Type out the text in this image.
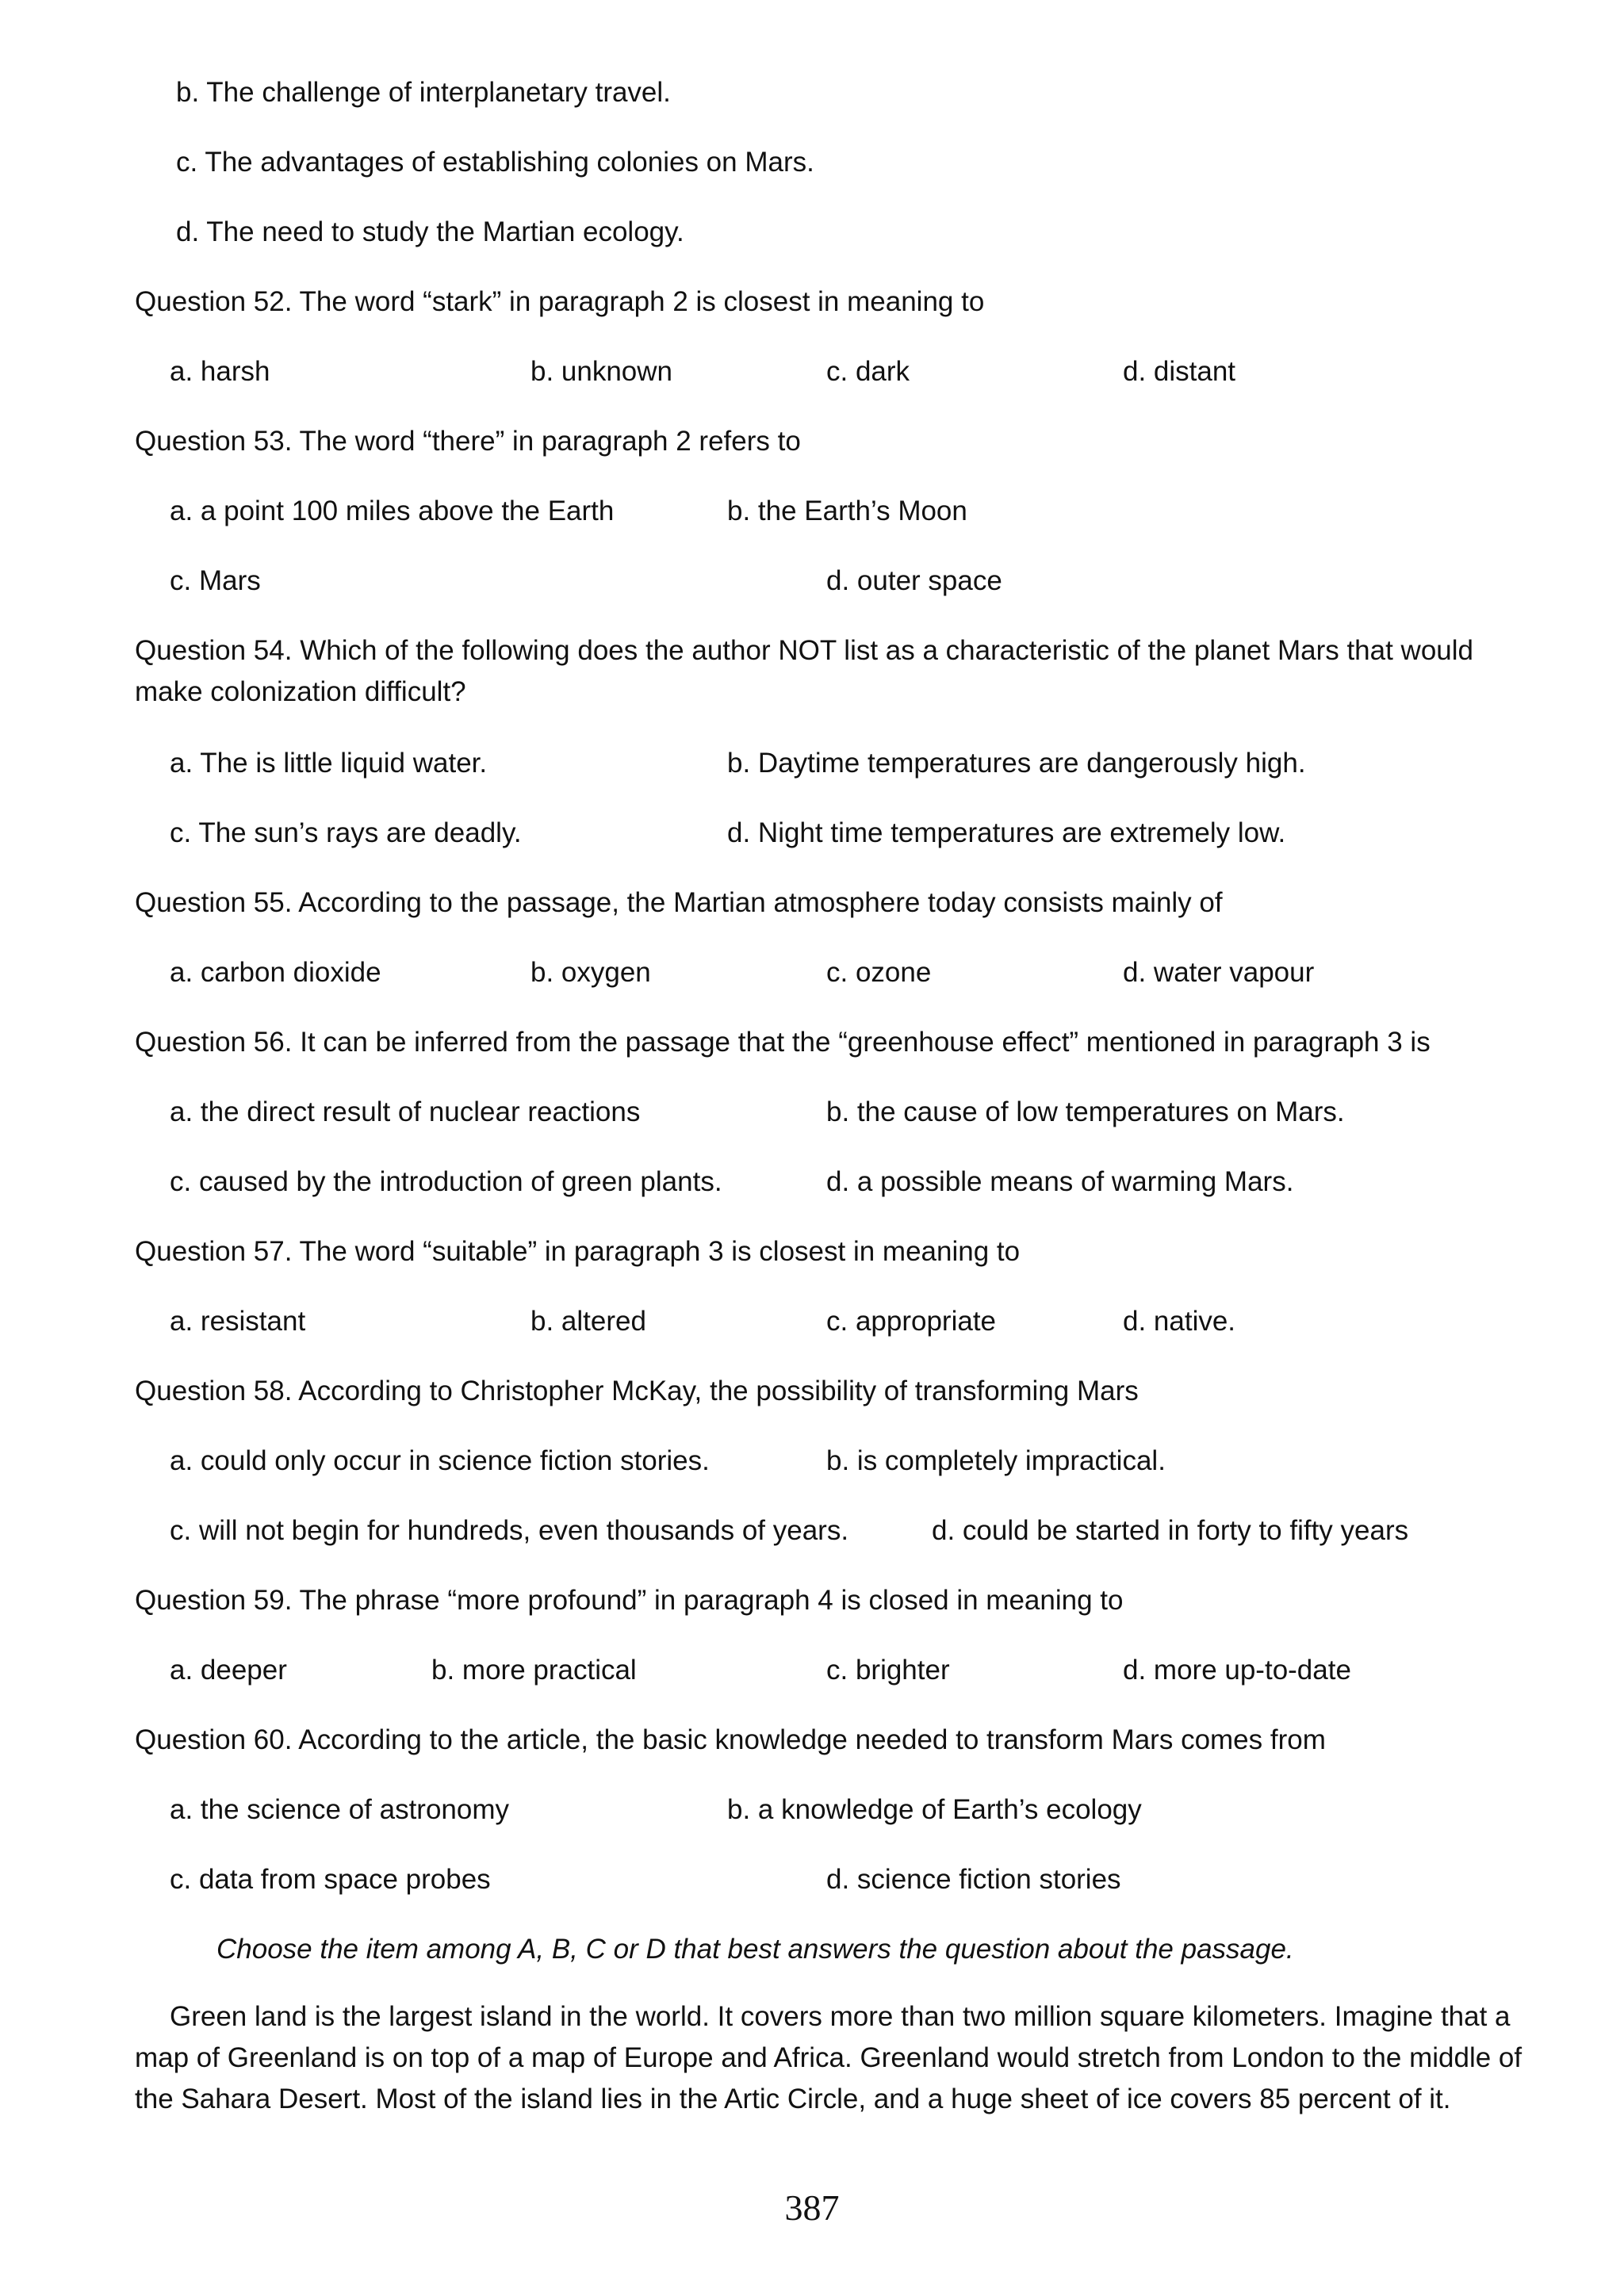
b. The challenge of interplanetary travel.
c. The advantages of establishing colonies on Mars.
d. The need to study the Martian ecology.
Question 52. The word “stark” in paragraph 2 is closest in meaning to
a. harsh	b. unknown	c. dark	d. distant
Question 53. The word “there” in paragraph 2 refers to
a. a point 100 miles above the Earth	b. the Earth’s Moon
c. Mars	d. outer space
Question 54. Which of the following does the author NOT list as a characteristic of the planet Mars that would make colonization difficult?
a. The is little liquid water.	b. Daytime temperatures are dangerously high.
c. The sun’s rays are deadly.	d. Night time temperatures are extremely low.
Question 55. According to the passage, the Martian atmosphere today consists mainly of
a. carbon dioxide	b. oxygen	c. ozone	d. water vapour
Question 56. It can be inferred from the passage that the “greenhouse effect” mentioned in paragraph 3 is
a. the direct result of nuclear reactions	b. the cause of low temperatures on Mars.
c. caused by the introduction of green plants.	d. a possible means of warming Mars.
Question 57. The word “suitable” in paragraph 3 is closest in meaning to
a. resistant	b. altered	c. appropriate	d. native.
Question 58. According to Christopher McKay, the possibility of transforming Mars
a. could only occur in science fiction stories.	b. is completely impractical.
c. will not begin for hundreds, even thousands of years.	d. could be started in forty to fifty years
Question 59. The phrase “more profound” in paragraph 4 is closed in meaning to
a. deeper	b. more practical	c. brighter	d. more up-to-date
Question 60. According to the article, the basic knowledge needed to transform Mars comes from
a. the science of astronomy	b. a knowledge of Earth’s ecology
c. data from space probes	d. science fiction stories
Choose the item among A, B, C or D that best answers the question about the passage.
Green land is the largest island in the world. It covers more than two million square kilometers. Imagine that a map of Greenland is on top of a map of Europe and Africa. Greenland would stretch from London to the middle of the Sahara Desert. Most of the island lies in the Artic Circle, and a huge sheet of ice covers 85 percent of it.
387
